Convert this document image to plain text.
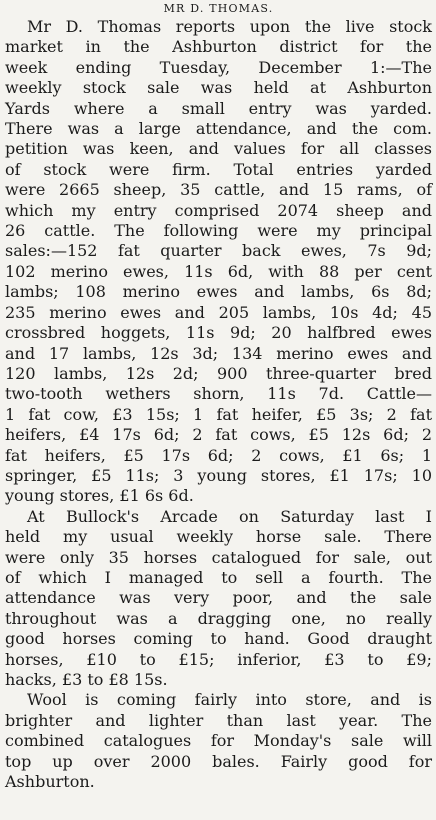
MR D. THOMAS.
Mr D. Thomas reports upon the live stock
market in the Ashburton district for the
week ending Tuesday, December 1:—The
weekly stock sale was held at Ashburton
Yards where a small entry was yarded.
There was a large attendance, and the com.
petition was keen, and values for all classes
of stock were firm. Total entries yarded
were 2665 sheep, 35 cattle, and 15 rams, of
which my entry comprised 2074 sheep and
26 cattle. The following were my principal
sales:—152 fat quarter back ewes, 7s 9d;
102 merino ewes, 11s 6d, with 88 per cent
lambs; 108 merino ewes and lambs, 6s 8d;
235 merino ewes and 205 lambs, 10s 4d; 45
crossbred hoggets, 11s 9d; 20 halfbred ewes
and 17 lambs, 12s 3d; 134 merino ewes and
120 lambs, 12s 2d; 900 three-quarter bred
two-tooth wethers shorn, 11s 7d. Cattle—
1 fat cow, £3 15s; 1 fat heifer, £5 3s; 2 fat
heifers, £4 17s 6d; 2 fat cows, £5 12s 6d; 2
fat heifers, £5 17s 6d; 2 cows, £1 6s; 1
springer, £5 11s; 3 young stores, £1 17s; 10
young stores, £1 6s 6d.
At Bullock's Arcade on Saturday last I
held my usual weekly horse sale. There
were only 35 horses catalogued for sale, out
of which I managed to sell a fourth. The
attendance was very poor, and the sale
throughout was a dragging one, no really
good horses coming to hand. Good draught
horses, £10 to £15; inferior, £3 to £9;
hacks, £3 to £8 15s.
Wool is coming fairly into store, and is
brighter and lighter than last year. The
combined catalogues for Monday's sale will
top up over 2000 bales. Fairly good for
Ashburton.
